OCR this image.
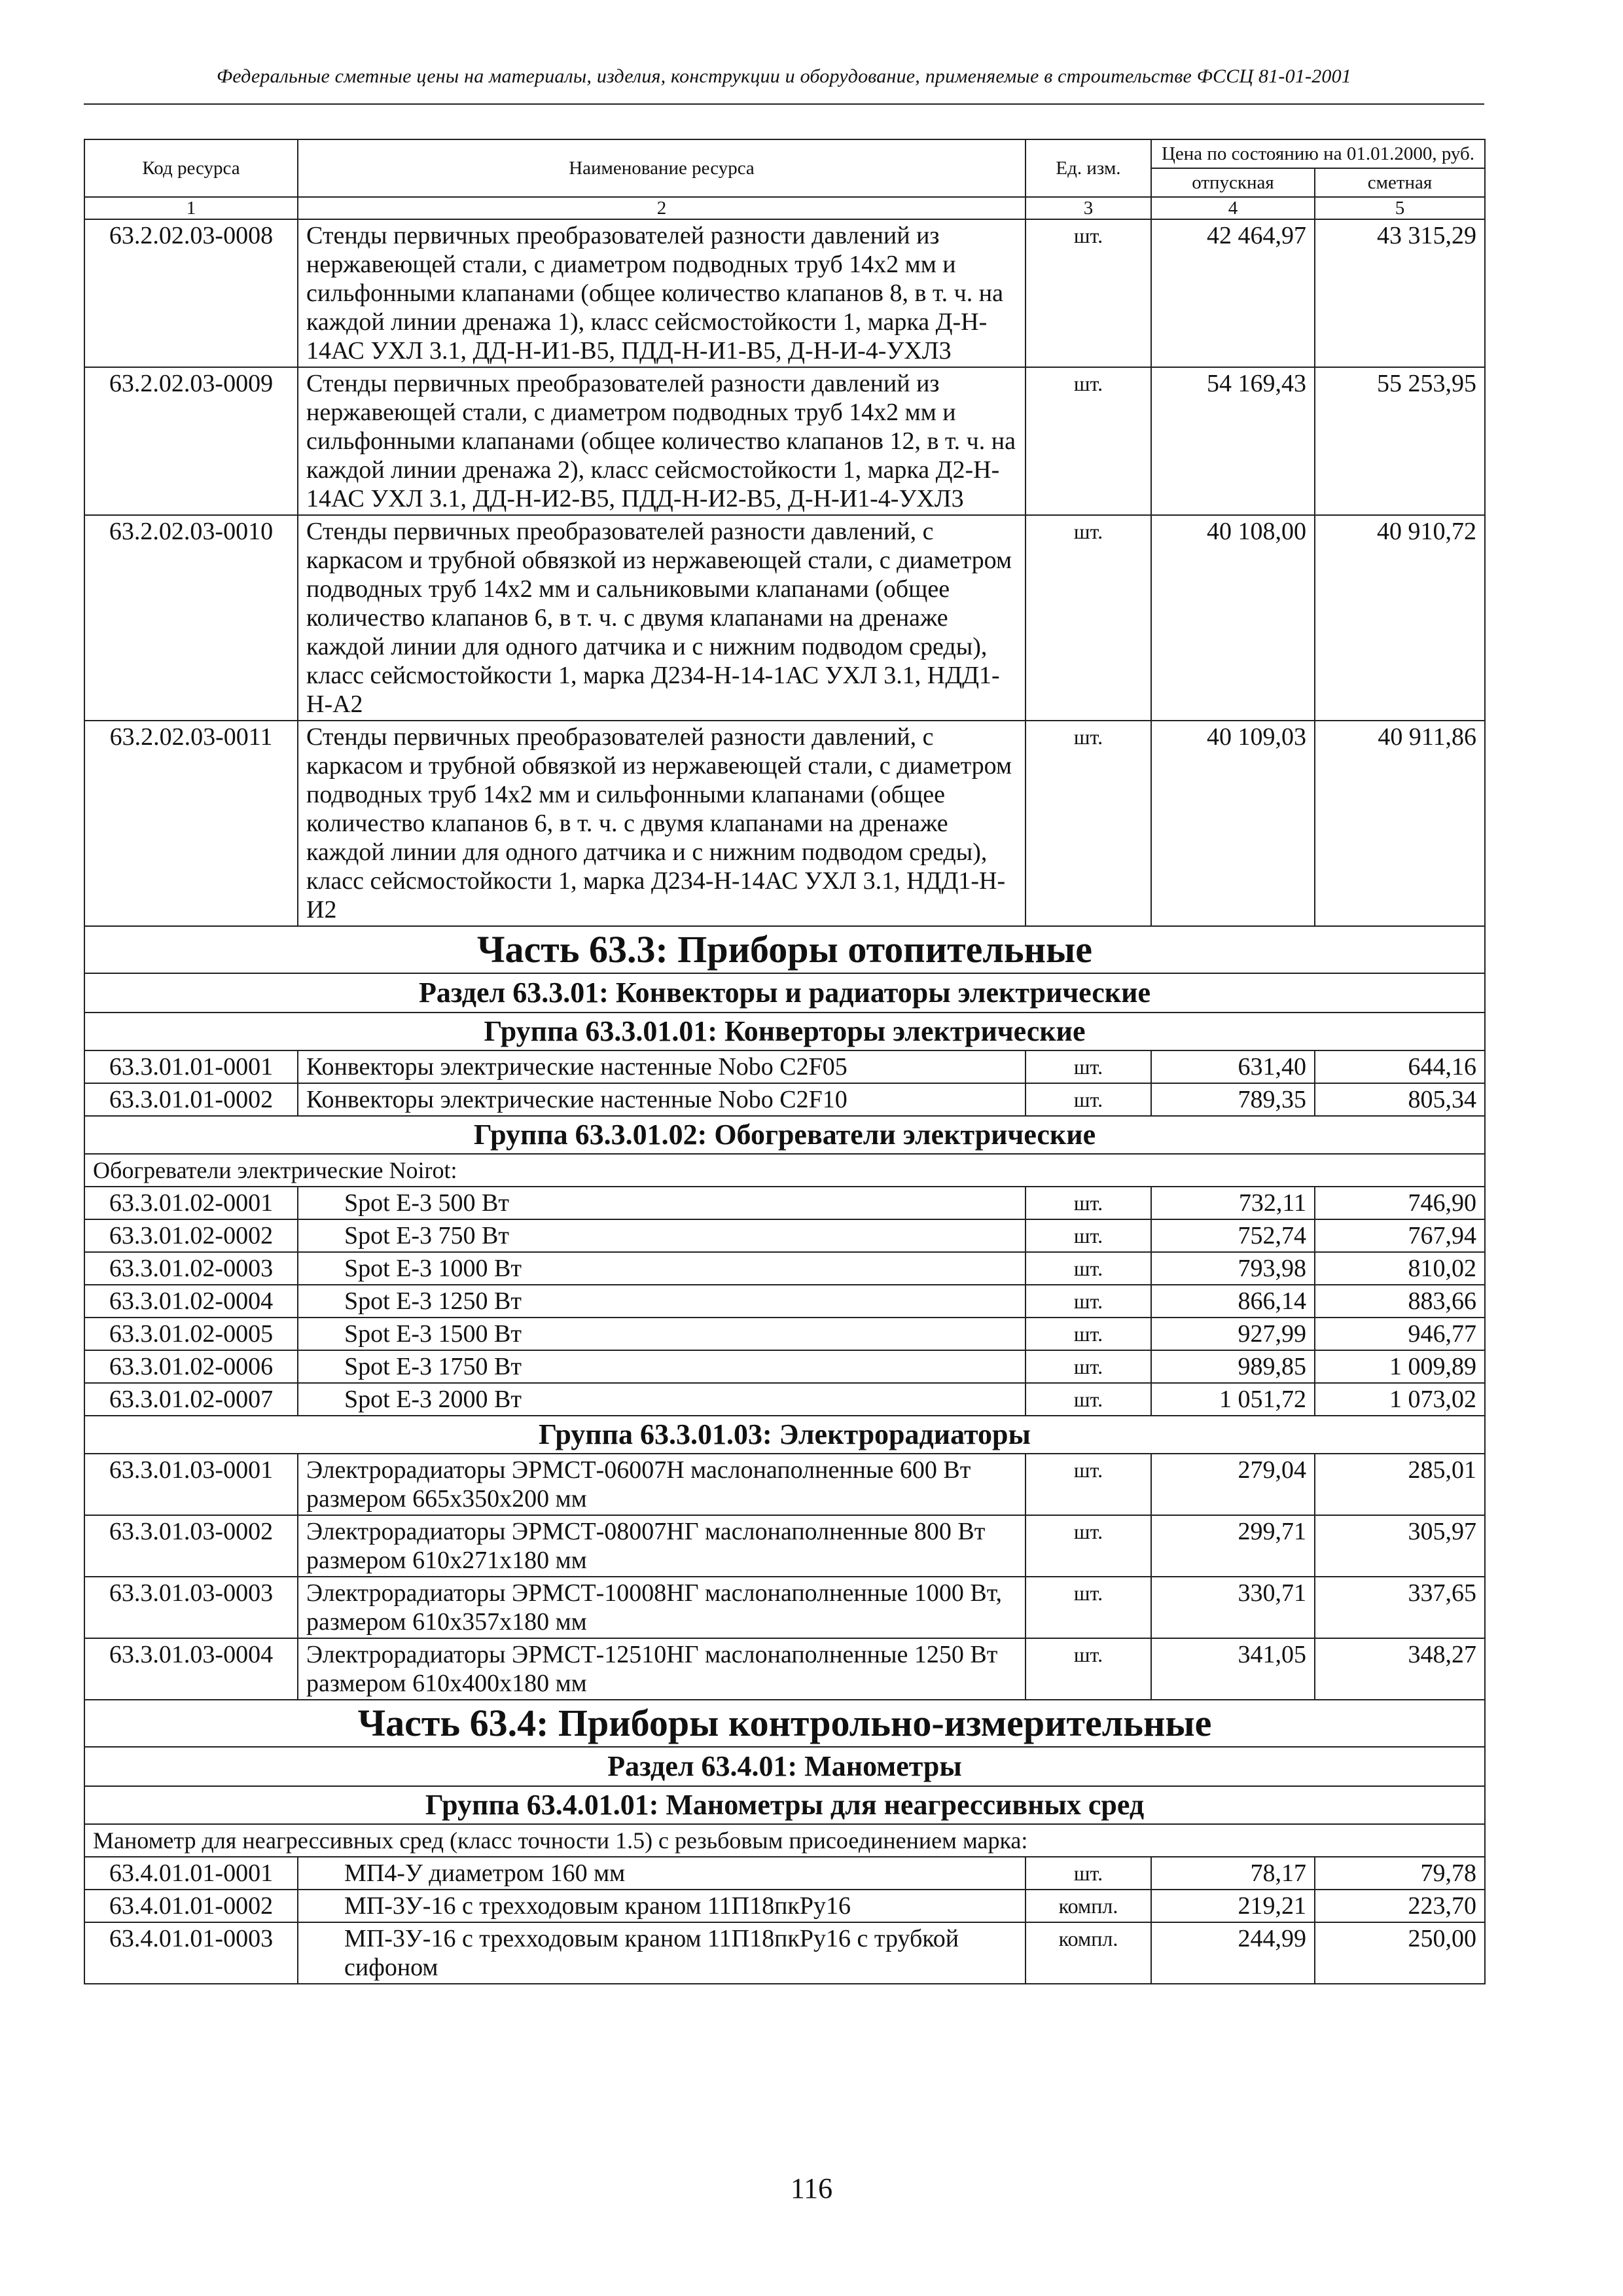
Федеральные сметные цены на материалы, изделия, конструкции и оборудование, применяемые в строительстве ФССЦ 81-01-2001
Код ресурса	Наименование ресурса	Ед. изм.	Цена по состоянию на 01.01.2000, руб.	
			отпускная	сметная
1	2	3	4	5
63.2.02.03-0008	Стенды первичных преобразователей разности давлений из нержавеющей стали, с диаметром подводных труб 14х2 мм и сильфонными клапанами (общее количество клапанов 8, в т. ч. на каждой линии дренажа 1), класс сейсмостойкости 1, марка Д-Н- 14АС УХЛ 3.1, ДД-Н-И1-В5, ПДД-Н-И1-В5, Д-Н-И-4-УХЛ3	шт.	42 464,97	43 315,29
63.2.02.03-0009	Стенды первичных преобразователей разности давлений из нержавеющей стали, с диаметром подводных труб 14х2 мм и сильфонными клапанами (общее количество клапанов 12, в т. ч. на каждой линии дренажа 2), класс сейсмостойкости 1, марка Д2-Н- 14АС УХЛ 3.1, ДД-Н-И2-В5, ПДД-Н-И2-В5, Д-Н-И1-4-УХЛ3	шт.	54 169,43	55 253,95
63.2.02.03-0010	Стенды первичных преобразователей разности давлений, с каркасом и трубной обвязкой из нержавеющей стали, с диаметром подводных труб 14х2 мм и сальниковыми клапанами (общее количество клапанов 6, в т. ч. с двумя клапанами на дренаже каждой линии для одного датчика и с нижним подводом среды), класс сейсмостойкости 1, марка Д234-Н-14-1АС УХЛ 3.1, НДД1- Н-А2	шт.	40 108,00	40 910,72
63.2.02.03-0011	Стенды первичных преобразователей разности давлений, с каркасом и трубной обвязкой из нержавеющей стали, с диаметром подводных труб 14х2 мм и сильфонными клапанами (общее количество клапанов 6, в т. ч. с двумя клапанами на дренаже каждой линии для одного датчика и с нижним подводом среды), класс сейсмостойкости 1, марка Д234-Н-14АС УХЛ 3.1, НДД1-Н- И2	шт.	40 109,03	40 911,86
Часть 63.3: Приборы отопительные				
Раздел 63.3.01: Конвекторы и радиаторы электрические				
Группа 63.3.01.01: Конверторы электрические				
63.3.01.01-0001	Конвекторы электрические настенные Nobo C2F05	шт.	631,40	644,16
63.3.01.01-0002	Конвекторы электрические настенные Nobo C2F10	шт.	789,35	805,34
Группа 63.3.01.02: Обогреватели электрические				
Обогреватели электрические Noirot:				
63.3.01.02-0001	Spot E-3 500 Вт	шт.	732,11	746,90
63.3.01.02-0002	Spot E-3 750 Вт	шт.	752,74	767,94
63.3.01.02-0003	Spot E-3 1000 Вт	шт.	793,98	810,02
63.3.01.02-0004	Spot E-3 1250 Вт	шт.	866,14	883,66
63.3.01.02-0005	Spot E-3 1500 Вт	шт.	927,99	946,77
63.3.01.02-0006	Spot E-3 1750 Вт	шт.	989,85	1 009,89
63.3.01.02-0007	Spot E-3 2000 Вт	шт.	1 051,72	1 073,02
Группа 63.3.01.03: Электрорадиаторы				
63.3.01.03-0001	Электрорадиаторы ЭРМСТ-06007Н маслонаполненные 600 Вт размером 665х350х200 мм	шт.	279,04	285,01
63.3.01.03-0002	Электрорадиаторы ЭРМСТ-08007НГ маслонаполненные 800 Вт размером 610х271х180 мм	шт.	299,71	305,97
63.3.01.03-0003	Электрорадиаторы ЭРМСТ-10008НГ маслонаполненные 1000 Вт, размером 610х357х180 мм	шт.	330,71	337,65
63.3.01.03-0004	Электрорадиаторы ЭРМСТ-12510НГ маслонаполненные 1250 Вт размером 610х400х180 мм	шт.	341,05	348,27
Часть 63.4: Приборы контрольно-измерительные				
Раздел 63.4.01: Манометры				
Группа 63.4.01.01: Манометры для неагрессивных сред				
Манометр для неагрессивных сред (класс точности 1.5) с резьбовым присоединением марка:				
63.4.01.01-0001	МП4-У диаметром 160 мм	шт.	78,17	79,78
63.4.01.01-0002	МП-3У-16 с трехходовым краном 11П18пкРу16	компл.	219,21	223,70
63.4.01.01-0003	МП-3У-16 с трехходовым краном 11П18пкРу16 с трубкой сифоном	компл.	244,99	250,00
116
